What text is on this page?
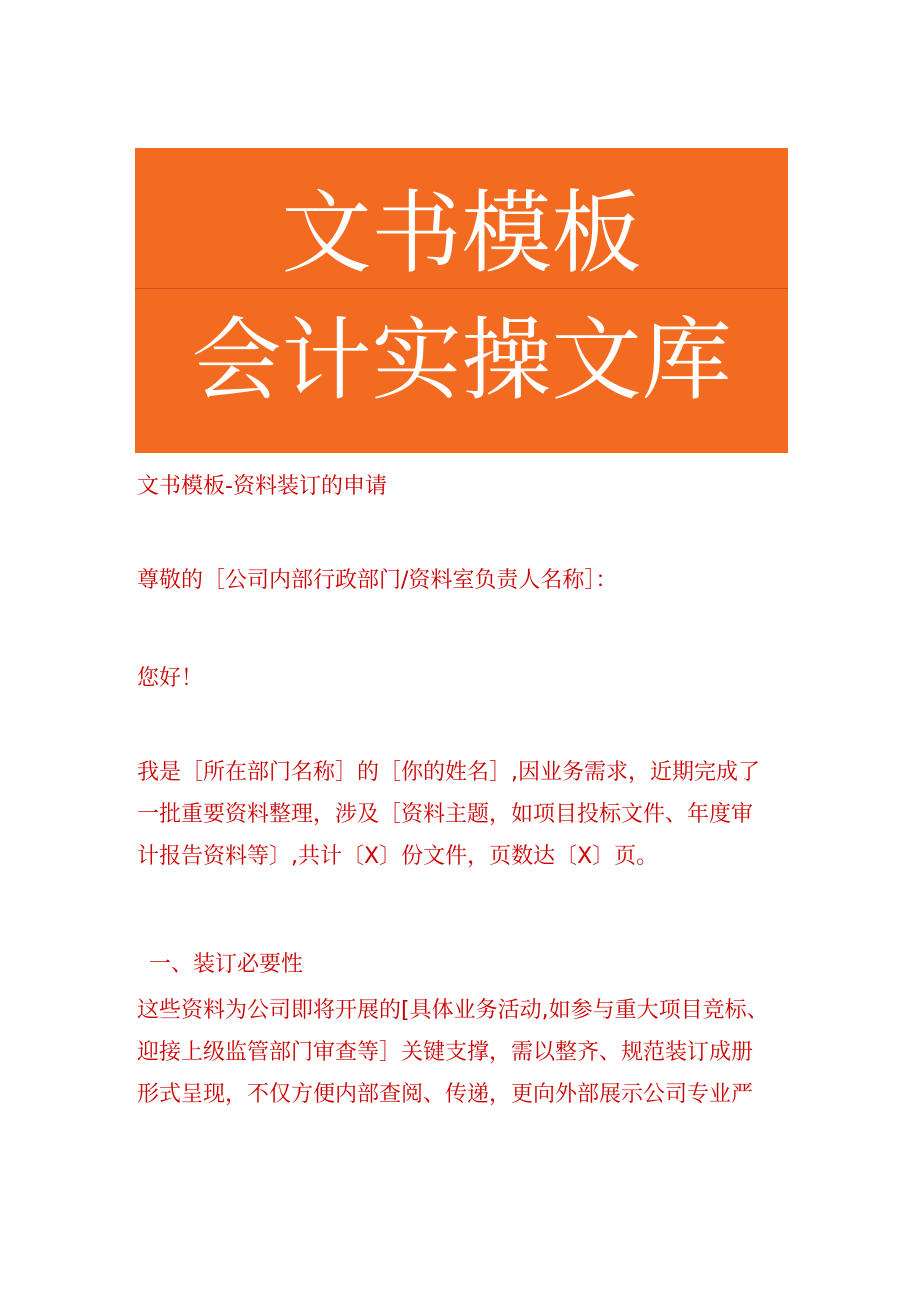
文书模板
会计实操文库
文书模板-资料装订的申请
尊敬的［公司内部行政部门/资料室负责人名称］：
您好！
我是［所在部门名称］的［你的姓名］,因业务需求，近期完成了
一批重要资料整理，涉及［资料主题，如项目投标文件、年度审
计报告资料等〕,共计〔X〕份文件，页数达〔X〕页。
一、装订必要性
这些资料为公司即将开展的[具体业务活动,如参与重大项目竞标、
迎接上级监管部门审查等］关键支撑，需以整齐、规范装订成册
形式呈现，不仅方便内部查阅、传递，更向外部展示公司专业严
